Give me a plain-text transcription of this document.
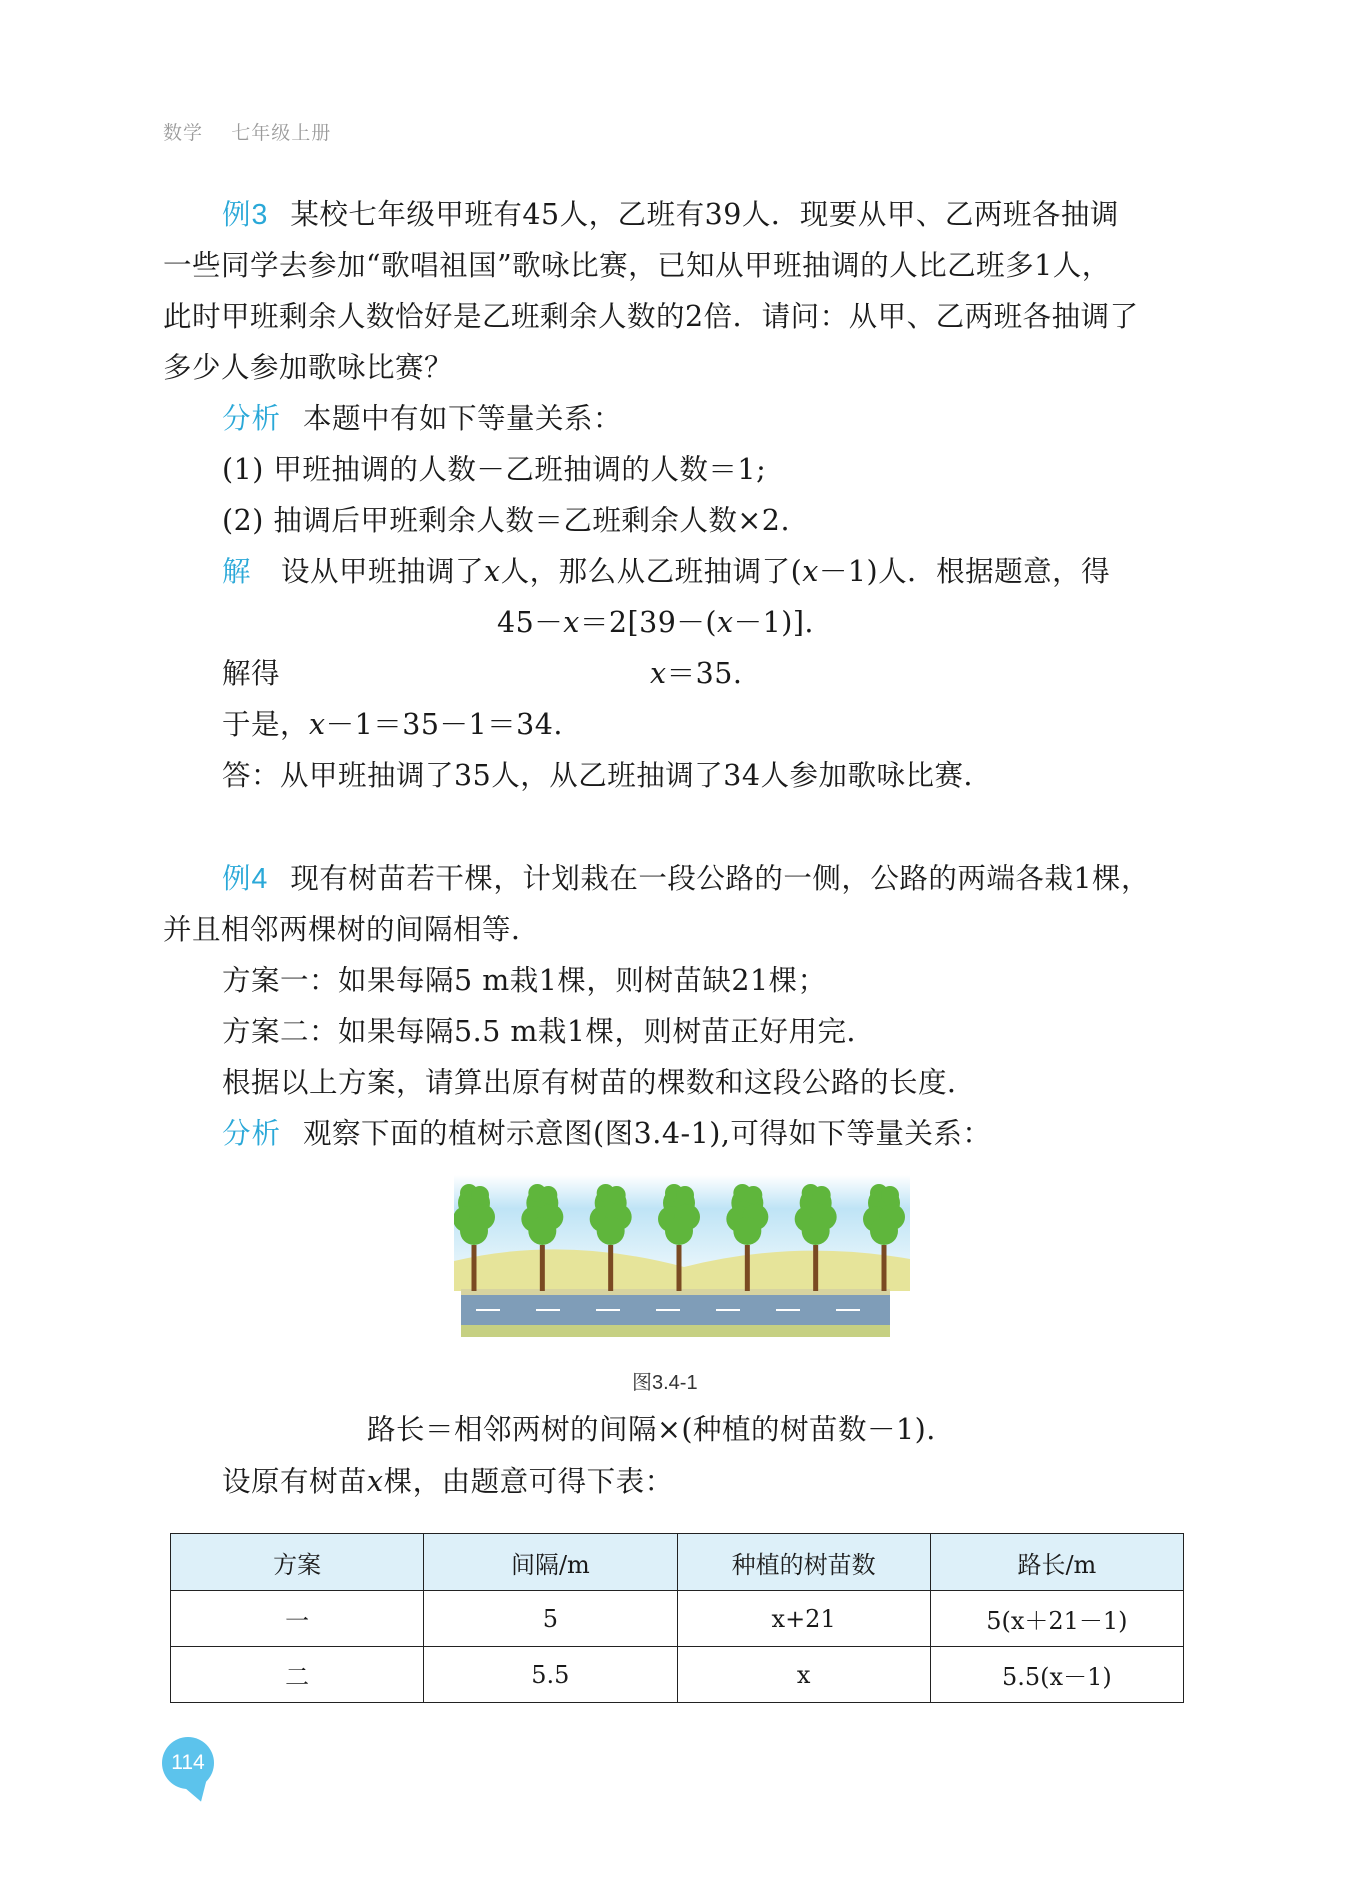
数学 七年级上册
例3 某校七年级甲班有45人，乙班有39人．现要从甲、乙两班各抽调
一些同学去参加“歌唱祖国”歌咏比赛，已知从甲班抽调的人比乙班多1人，
此时甲班剩余人数恰好是乙班剩余人数的2倍．请问：从甲、乙两班各抽调了
多少人参加歌咏比赛？
分析 本题中有如下等量关系：
(1) 甲班抽调的人数－乙班抽调的人数＝1;
(2) 抽调后甲班剩余人数＝乙班剩余人数×2.
解 设从甲班抽调了x人，那么从乙班抽调了(x－1)人．根据题意，得
45－x＝2[39－(x－1)].
解得	x＝35.
于是，x－1＝35－1＝34.
答：从甲班抽调了35人，从乙班抽调了34人参加歌咏比赛．
例4 现有树苗若干棵，计划栽在一段公路的一侧，公路的两端各栽1棵，
并且相邻两棵树的间隔相等．
方案一：如果每隔5 m栽1棵，则树苗缺21棵；
方案二：如果每隔5.5 m栽1棵，则树苗正好用完．
根据以上方案，请算出原有树苗的棵数和这段公路的长度．
分析 观察下面的植树示意图(图3.4-1),可得如下等量关系：
图3.4-1
路长＝相邻两树的间隔×(种植的树苗数－1).
设原有树苗x棵，由题意可得下表：
方案	间隔/m	种植的树苗数	路长/m
一	5	x+21	5(x＋21－1)
二	5.5	x	5.5(x－1)
114
